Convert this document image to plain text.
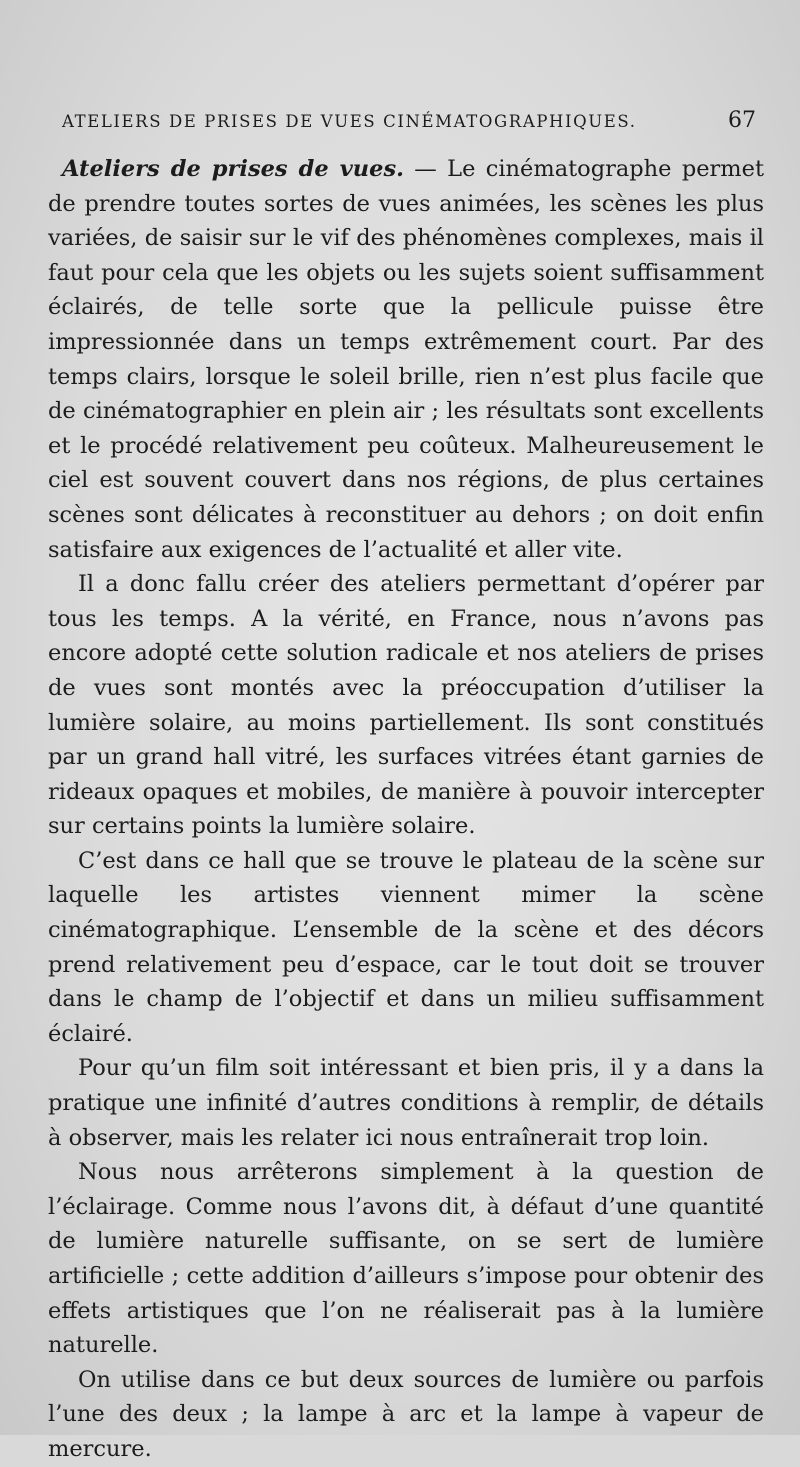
ATELIERS DE PRISES DE VUES CINÉMATOGRAPHIQUES.	67

Ateliers de prises de vues. — Le cinématographe permet de prendre toutes sortes de vues animées, les scènes les plus variées, de saisir sur le vif des phénomènes complexes, mais il faut pour cela que les objets ou les sujets soient suffisamment éclairés, de telle sorte que la pellicule puisse être impressionnée dans un temps extrêmement court. Par des temps clairs, lorsque le soleil brille, rien n’est plus facile que de cinématographier en plein air ; les résultats sont excellents et le procédé relativement peu coûteux. Malheureusement le ciel est souvent couvert dans nos régions, de plus certaines scènes sont délicates à reconstituer au dehors ; on doit enfin satisfaire aux exigences de l’actualité et aller vite.

Il a donc fallu créer des ateliers permettant d’opérer par tous les temps. A la vérité, en France, nous n’avons pas encore adopté cette solution radicale et nos ateliers de prises de vues sont montés avec la préoccupation d’utiliser la lumière solaire, au moins partiellement. Ils sont constitués par un grand hall vitré, les surfaces vitrées étant garnies de rideaux opaques et mobiles, de manière à pouvoir intercepter sur certains points la lumière solaire.

C’est dans ce hall que se trouve le plateau de la scène sur laquelle les artistes viennent mimer la scène cinématographique. L’ensemble de la scène et des décors prend relativement peu d’espace, car le tout doit se trouver dans le champ de l’objectif et dans un milieu suffisamment éclairé.

Pour qu’un film soit intéressant et bien pris, il y a dans la pratique une infinité d’autres conditions à remplir, de détails à observer, mais les relater ici nous entraînerait trop loin.

Nous nous arrêterons simplement à la question de l’éclairage. Comme nous l’avons dit, à défaut d’une quantité de lumière naturelle suffisante, on se sert de lumière artificielle ; cette addition d’ailleurs s’impose pour obtenir des effets artistiques que l’on ne réaliserait pas à la lumière naturelle.

On utilise dans ce but deux sources de lumière ou parfois l’une des deux ; la lampe à arc et la lampe à vapeur de mercure.
